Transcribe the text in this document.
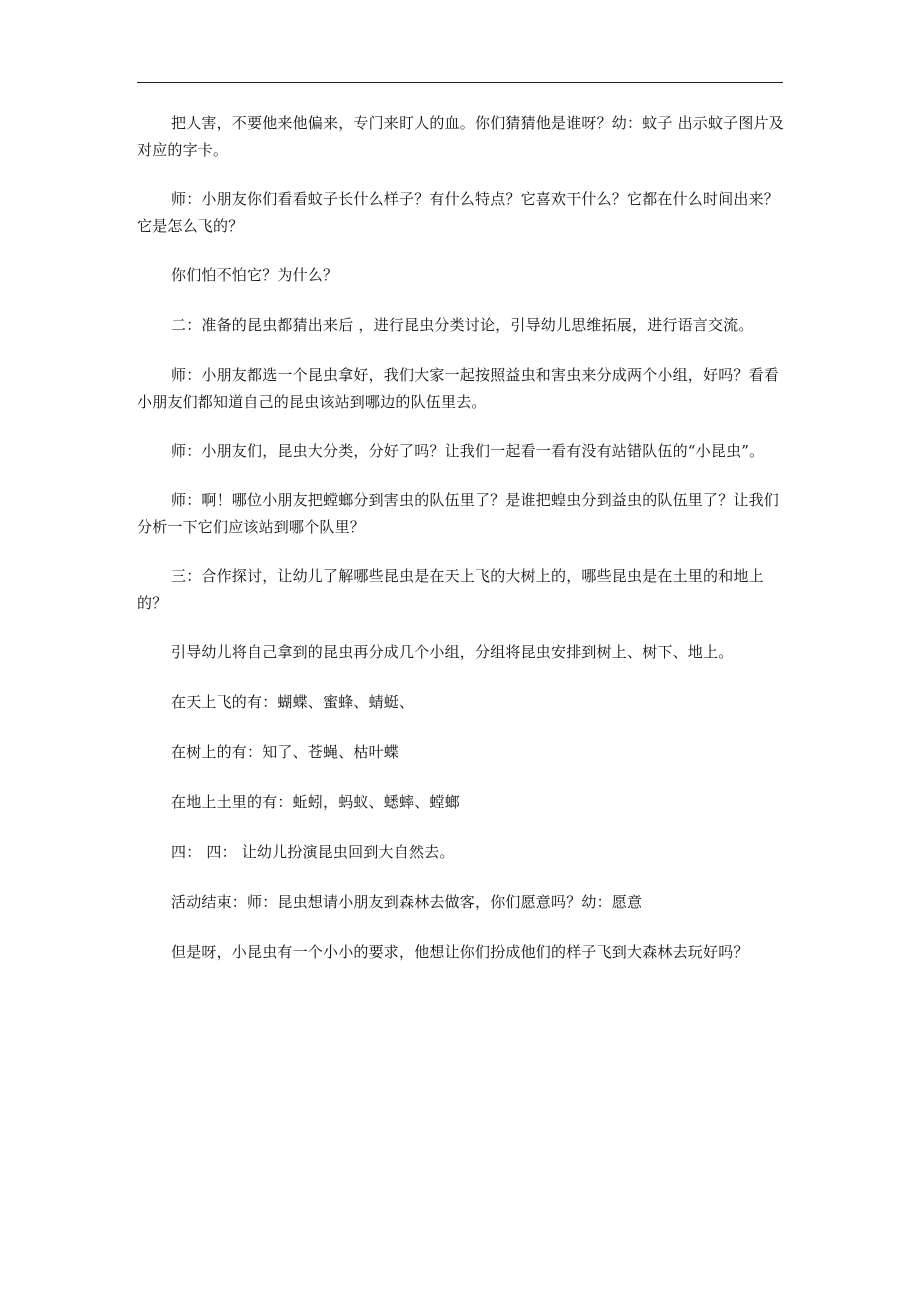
把人害，不要他来他偏来，专门来盯人的血。你们猜猜他是谁呀？幼：蚊子 出示蚊子图片及对应的字卡。

师：小朋友你们看看蚊子长什么样子？有什么特点？它喜欢干什么？它都在什么时间出来？它是怎么飞的？

你们怕不怕它？为什么？

二：准备的昆虫都猜出来后 ，进行昆虫分类讨论，引导幼儿思维拓展，进行语言交流。

师：小朋友都选一个昆虫拿好，我们大家一起按照益虫和害虫来分成两个小组，好吗？看看小朋友们都知道自己的昆虫该站到哪边的队伍里去。

师：小朋友们，昆虫大分类，分好了吗？让我们一起看一看有没有站错队伍的“小昆虫”。

师：啊！哪位小朋友把螳螂分到害虫的队伍里了？是谁把蝗虫分到益虫的队伍里了？让我们分析一下它们应该站到哪个队里？

三：合作探讨，让幼儿了解哪些昆虫是在天上飞的大树上的，哪些昆虫是在土里的和地上的？

引导幼儿将自己拿到的昆虫再分成几个小组，分组将昆虫安排到树上、树下、地上。

在天上飞的有：蝴蝶、蜜蜂、蜻蜓、

在树上的有：知了、苍蝇、枯叶蝶

在地上土里的有：蚯蚓，蚂蚁、蟋蟀、螳螂

四： 四： 让幼儿扮演昆虫回到大自然去。

活动结束：师：昆虫想请小朋友到森林去做客，你们愿意吗？幼：愿意

但是呀，小昆虫有一个小小的要求，他想让你们扮成他们的样子飞到大森林去玩好吗？
